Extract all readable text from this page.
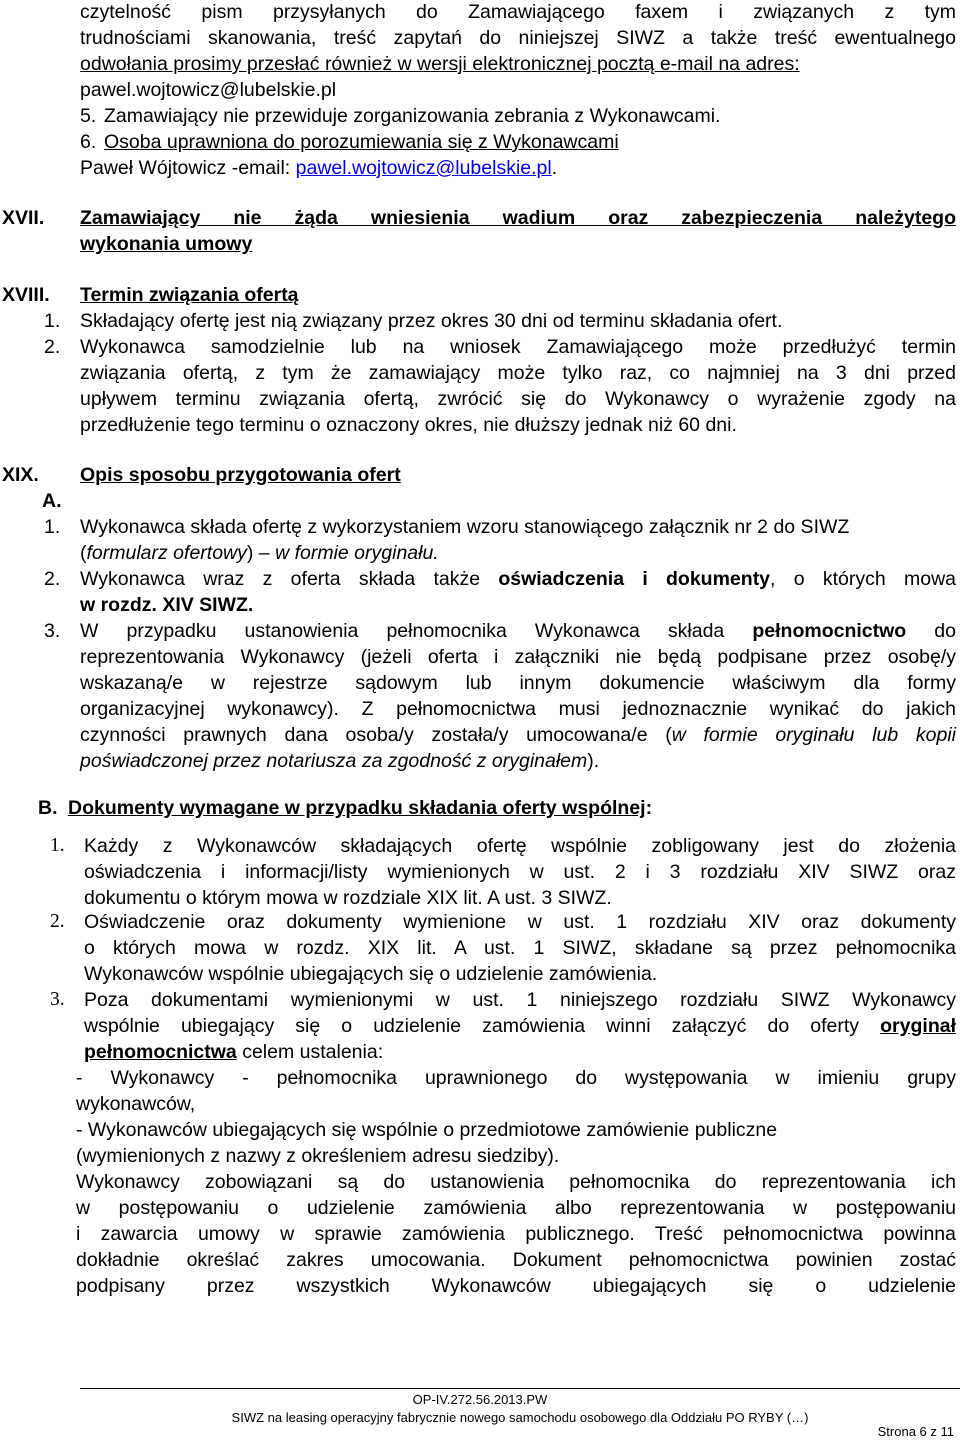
czytelność pism przysyłanych do Zamawiającego faxem i związanych z tym
trudnościami skanowania, treść zapytań do niniejszej SIWZ a także treść ewentualnego
odwołania prosimy przesłać również w wersji elektronicznej pocztą e-mail na adres:
pawel.wojtowicz@lubelskie.pl
5. Zamawiający nie przewiduje zorganizowania zebrania z Wykonawcami.
6. Osoba uprawniona do porozumiewania się z Wykonawcami
Paweł Wójtowicz -email: pawel.wojtowicz@lubelskie.pl.
XVII. Zamawiający nie żąda wniesienia wadium oraz zabezpieczenia należytego
wykonania umowy
XVIII. Termin związania ofertą
1. Składający ofertę jest nią związany przez okres 30 dni od terminu składania ofert.
2. Wykonawca samodzielnie lub na wniosek Zamawiającego może przedłużyć termin
związania ofertą, z tym że zamawiający może tylko raz, co najmniej na 3 dni przed
upływem terminu związania ofertą, zwrócić się do Wykonawcy o wyrażenie zgody na
przedłużenie tego terminu o oznaczony okres, nie dłuższy jednak niż 60 dni.
XIX. Opis sposobu przygotowania ofert
A.
1. Wykonawca składa ofertę z wykorzystaniem wzoru stanowiącego załącznik nr 2 do SIWZ
(formularz ofertowy) – w formie oryginału.
2. Wykonawca wraz z oferta składa także oświadczenia i dokumenty, o których mowa
w rozdz. XIV SIWZ.
3. W przypadku ustanowienia pełnomocnika Wykonawca składa pełnomocnictwo do
reprezentowania Wykonawcy (jeżeli oferta i załączniki nie będą podpisane przez osobę/y
wskazaną/e w rejestrze sądowym lub innym dokumencie właściwym dla formy
organizacyjnej wykonawcy). Z pełnomocnictwa musi jednoznacznie wynikać do jakich
czynności prawnych dana osoba/y została/y umocowana/e (w formie oryginału lub kopii
poświadczonej przez notariusza za zgodność z oryginałem).
B. Dokumenty wymagane w przypadku składania oferty wspólnej:
1. Każdy z Wykonawców składających ofertę wspólnie zobligowany jest do złożenia
oświadczenia i informacji/listy wymienionych w ust. 2 i 3 rozdziału XIV SIWZ oraz
dokumentu o którym mowa w rozdziale XIX lit. A ust. 3 SIWZ.
2. Oświadczenie oraz dokumenty wymienione w ust. 1 rozdziału XIV oraz dokumenty
o których mowa w rozdz. XIX lit. A ust. 1 SIWZ, składane są przez pełnomocnika
Wykonawców wspólnie ubiegających się o udzielenie zamówienia.
3. Poza dokumentami wymienionymi w ust. 1 niniejszego rozdziału SIWZ Wykonawcy
wspólnie ubiegający się o udzielenie zamówienia winni załączyć do oferty oryginał
pełnomocnictwa celem ustalenia:
- Wykonawcy - pełnomocnika uprawnionego do występowania w imieniu grupy
wykonawców,
- Wykonawców ubiegających się wspólnie o przedmiotowe zamówienie publiczne
(wymienionych z nazwy z określeniem adresu siedziby).
Wykonawcy zobowiązani są do ustanowienia pełnomocnika do reprezentowania ich
w postępowaniu o udzielenie zamówienia albo reprezentowania w postępowaniu
i zawarcia umowy w sprawie zamówienia publicznego. Treść pełnomocnictwa powinna
dokładnie określać zakres umocowania. Dokument pełnomocnictwa powinien zostać
podpisany przez wszystkich Wykonawców ubiegających się o udzielenie
OP-IV.272.56.2013.PW
SIWZ na leasing operacyjny fabrycznie nowego samochodu osobowego dla Oddziału PO RYBY (…)
Strona 6 z 11
